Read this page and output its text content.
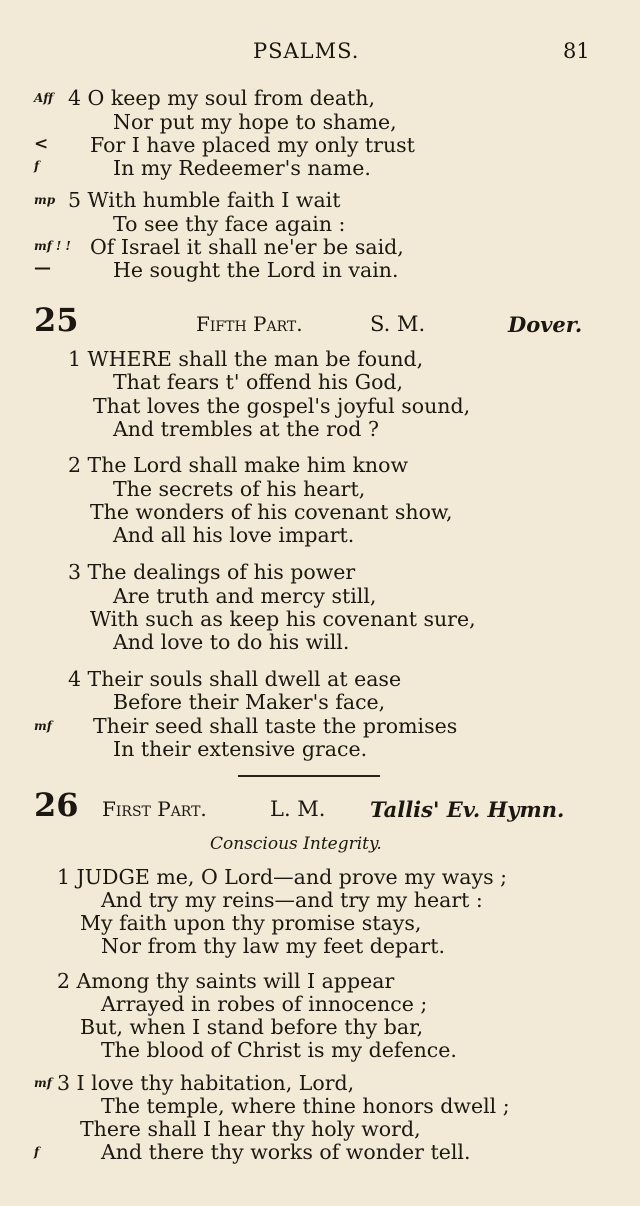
PSALMS.	81
Aff 4 O keep my soul from death,
Nor put my hope to shame,
< For I have placed my only trust
f	In my Redeemer's name.
mp 5 With humble faith I wait
To see thy face again :
mf ! ! Of Israel it shall ne'er be said,
—	He sought the Lord in vain.
25	Fifth Part.	S. M.	Dover.
1 WHERE shall the man be found,
That fears t' offend his God,
That loves the gospel's joyful sound,
And trembles at the rod ?
2 The Lord shall make him know
The secrets of his heart,
The wonders of his covenant show,
And all his love impart.
3 The dealings of his power
Are truth and mercy still,
With such as keep his covenant sure,
And love to do his will.
4 Their souls shall dwell at ease
Before their Maker's face,
mf Their seed shall taste the promises
In their extensive grace.
26 First Part.	L. M. Tallis' Ev. Hymn.
Conscious Integrity.
1 JUDGE me, O Lord—and prove my ways ;
And try my reins—and try my heart :
My faith upon thy promise stays,
Nor from thy law my feet depart.
2 Among thy saints will I appear
Arrayed in robes of innocence ;
But, when I stand before thy bar,
The blood of Christ is my defence.
mf 3 I love thy habitation, Lord,
The temple, where thine honors dwell ;
There shall I hear thy holy word,
f	And there thy works of wonder tell.
